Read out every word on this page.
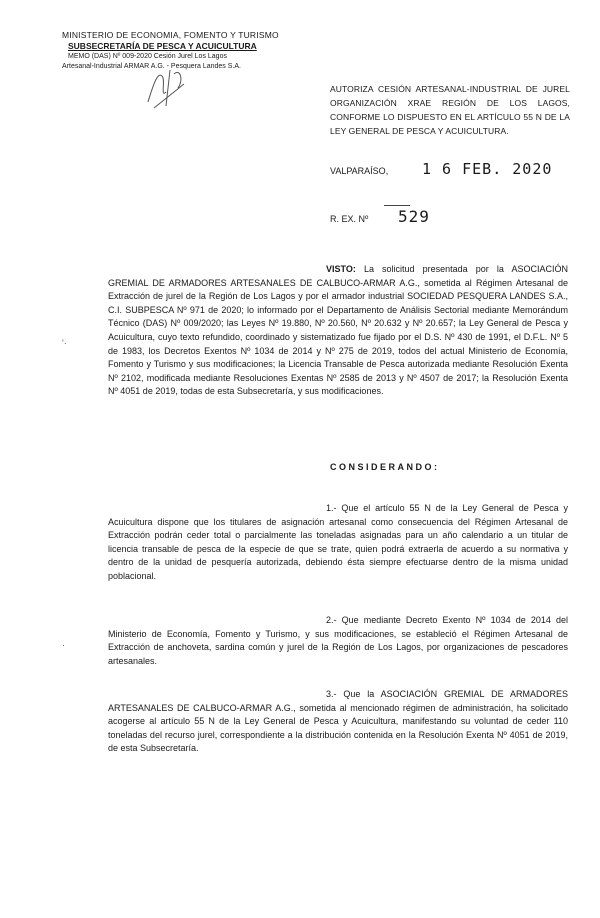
MINISTERIO DE ECONOMIA, FOMENTO Y TURISMO
SUBSECRETARÍA DE PESCA Y ACUICULTURA
MEMO (DAS) Nº 009-2020 Cesión Jurel Los Lagos
Artesanal-Industrial ARMAR A.G. - Pesquera Landes S.A.
AUTORIZA CESIÓN ARTESANAL-INDUSTRIAL DE JUREL ORGANIZACIÓN XRAE REGIÓN DE LOS LAGOS, CONFORME LO DISPUESTO EN EL ARTÍCULO 55 N DE LA LEY GENERAL DE PESCA Y ACUICULTURA.
VALPARAÍSO, 1 6 FEB. 2020
R. EX. Nº 529

VISTO: La solicitud presentada por la ASOCIACIÓN GREMIAL DE ARMADORES ARTESANALES DE CALBUCO-ARMAR A.G., sometida al Régimen Artesanal de Extracción de jurel de la Región de Los Lagos y por el armador industrial SOCIEDAD PESQUERA LANDES S.A., C.I. SUBPESCA Nº 971 de 2020; lo informado por el Departamento de Análisis Sectorial mediante Memorándum Técnico (DAS) Nº 009/2020; las Leyes Nº 19.880, Nº 20.560, Nº 20.632 y Nº 20.657; la Ley General de Pesca y Acuicultura, cuyo texto refundido, coordinado y sistematizado fue fijado por el D.S. Nº 430 de 1991, el D.F.L. Nº 5 de 1983, los Decretos Exentos Nº 1034 de 2014 y Nº 275 de 2019, todos del actual Ministerio de Economía, Fomento y Turismo y sus modificaciones; la Licencia Transable de Pesca autorizada mediante Resolución Exenta Nº 2102, modificada mediante Resoluciones Exentas Nº 2585 de 2013 y Nº 4507 de 2017; la Resolución Exenta Nº 4051 de 2019, todas de esta Subsecretaría, y sus modificaciones.

CONSIDERANDO:

1.- Que el artículo 55 N de la Ley General de Pesca y Acuicultura dispone que los titulares de asignación artesanal como consecuencia del Régimen Artesanal de Extracción podrán ceder total o parcialmente las toneladas asignadas para un año calendario a un titular de licencia transable de pesca de la especie de que se trate, quien podrá extraerla de acuerdo a su normativa y dentro de la unidad de pesquería autorizada, debiendo ésta siempre efectuarse dentro de la misma unidad poblacional.

2.- Que mediante Decreto Exento Nº 1034 de 2014 del Ministerio de Economía, Fomento y Turismo, y sus modificaciones, se estableció el Régimen Artesanal de Extracción de anchoveta, sardina común y jurel de la Región de Los Lagos, por organizaciones de pescadores artesanales.

3.- Que la ASOCIACIÓN GREMIAL DE ARMADORES ARTESANALES DE CALBUCO-ARMAR A.G., sometida al mencionado régimen de administración, ha solicitado acogerse al artículo 55 N de la Ley General de Pesca y Acuicultura, manifestando su voluntad de ceder 110 toneladas del recurso jurel, correspondiente a la distribución contenida en la Resolución Exenta Nº 4051 de 2019, de esta Subsecretaría.

'·
·
